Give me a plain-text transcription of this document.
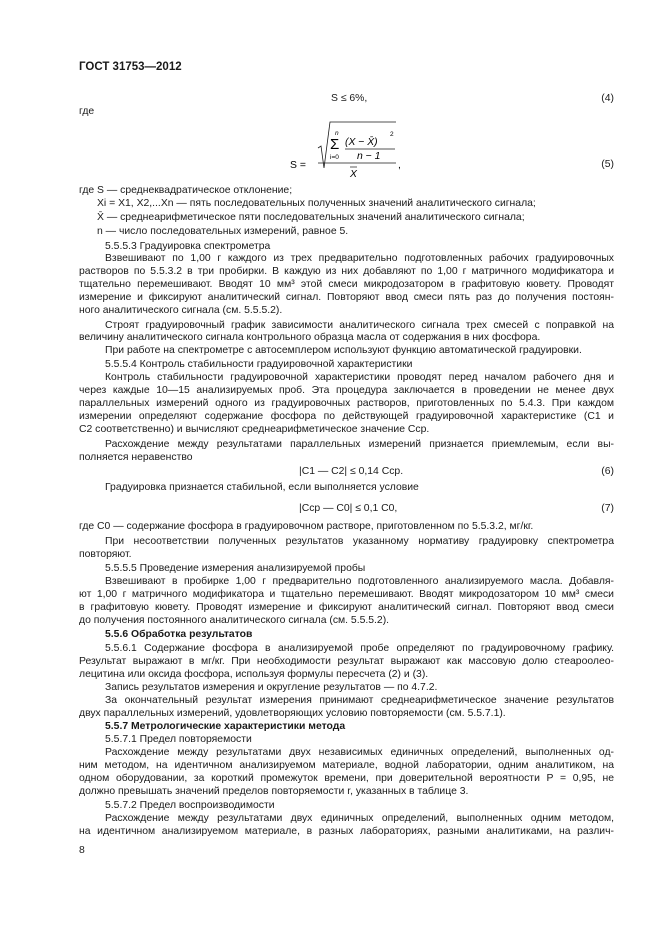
ГОСТ 31753—2012
S ≤ 6%,	(4)
где
S =
n
Σ
i=0
(X − X̄)
2
n − 1
X
,	(5)
где S — среднеквадратическое отклонение;
Xi = X1, X2,...Xn — пять последовательных полученных значений аналитического сигнала;
X̄ — среднеарифметическое пяти последовательных значений аналитического сигнала;
n — число последовательных измерений, равное 5.
5.5.5.3 Градуировка спектрометра
Взвешивают по 1,00 г каждого из трех предварительно подготовленных рабочих градуировочных
растворов по 5.5.3.2 в три пробирки. В каждую из них добавляют по 1,00 г матричного модификатора и
тщательно перемешивают. Вводят 10 мм³ этой смеси микродозатором в графитовую кювету. Проводят
измерение и фиксируют аналитический сигнал. Повторяют ввод смеси пять раз до получения постоян-
ного аналитического сигнала (см. 5.5.5.2).
Строят градуировочный график зависимости аналитического сигнала трех смесей с поправкой на
величину аналитического сигнала контрольного образца масла от содержания в них фосфора.
При работе на спектрометре с автосемплером используют функцию автоматической градуировки.
5.5.5.4 Контроль стабильности градуировочной характеристики
Контроль стабильности градуировочной характеристики проводят перед началом рабочего дня и
через каждые 10—15 анализируемых проб. Эта процедура заключается в проведении не менее двух
параллельных измерений одного из градуировочных растворов, приготовленных по 5.4.3. При каждом
измерении определяют содержание фосфора по действующей градуировочной характеристике (C1 и
C2 соответственно) и вычисляют среднеарифметическое значение Cср.
Расхождение между результатами параллельных измерений признается приемлемым, если вы-
полняется неравенство
|C1 — C2| ≤ 0,14 Cср.	(6)
Градуировка признается стабильной, если выполняется условие
|Cср — C0| ≤ 0,1 C0,	(7)
где C0 — содержание фосфора в градуировочном растворе, приготовленном по 5.5.3.2, мг/кг.
При несоответствии полученных результатов указанному нормативу градуировку спектрометра
повторяют.
5.5.5.5 Проведение измерения анализируемой пробы
Взвешивают в пробирке 1,00 г предварительно подготовленного анализируемого масла. Добавля-
ют 1,00 г матричного модификатора и тщательно перемешивают. Вводят микродозатором 10 мм³ смеси
в графитовую кювету. Проводят измерение и фиксируют аналитический сигнал. Повторяют ввод смеси
до получения постоянного аналитического сигнала (см. 5.5.5.2).
5.5.6 Обработка результатов
5.5.6.1 Содержание фосфора в анализируемой пробе определяют по градуировочному графику.
Результат выражают в мг/кг. При необходимости результат выражают как массовую долю стеароолео-
лецитина или оксида фосфора, используя формулы пересчета (2) и (3).
Запись результатов измерения и округление результатов — по 4.7.2.
За окончательный результат измерения принимают среднеарифметическое значение результатов
двух параллельных измерений, удовлетворяющих условию повторяемости (см. 5.5.7.1).
5.5.7 Метрологические характеристики метода
5.5.7.1 Предел повторяемости
Расхождение между результатами двух независимых единичных определений, выполненных од-
ним методом, на идентичном анализируемом материале, водной лаборатории, одним аналитиком, на
одном оборудовании, за короткий промежуток времени, при доверительной вероятности P = 0,95, не
должно превышать значений пределов повторяемости r, указанных в таблице 3.
5.5.7.2 Предел воспроизводимости
Расхождение между результатами двух единичных определений, выполненных одним методом,
на идентичном анализируемом материале, в разных лабораториях, разными аналитиками, на различ-
8
